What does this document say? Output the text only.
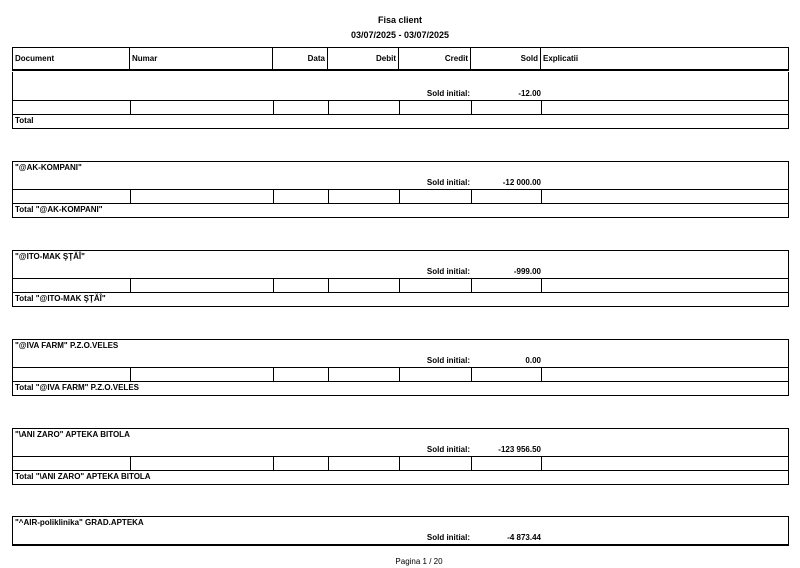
Fisa client
03/07/2025 - 03/07/2025
Document	Numar	Data	Debit	Credit	Sold	Explicatii
Sold initial:	-12.00

Total
"@AK-KOMPANI"
Sold initial:	-12 000.00

Total "@AK-KOMPANI"
"@ITO-MAK ŞŢĂÎ"
Sold initial:	-999.00

Total "@ITO-MAK ŞŢĂÎ"
"@IVA FARM" P.Z.O.VELES
Sold initial:	0.00

Total "@IVA FARM" P.Z.O.VELES
"\ANI ZARO" APTEKA BITOLA
Sold initial:	-123 956.50

Total "\ANI ZARO" APTEKA BITOLA
"^AIR-poliklinika" GRAD.APTEKA
Sold initial:	-4 873.44
Pagina 1 / 20
